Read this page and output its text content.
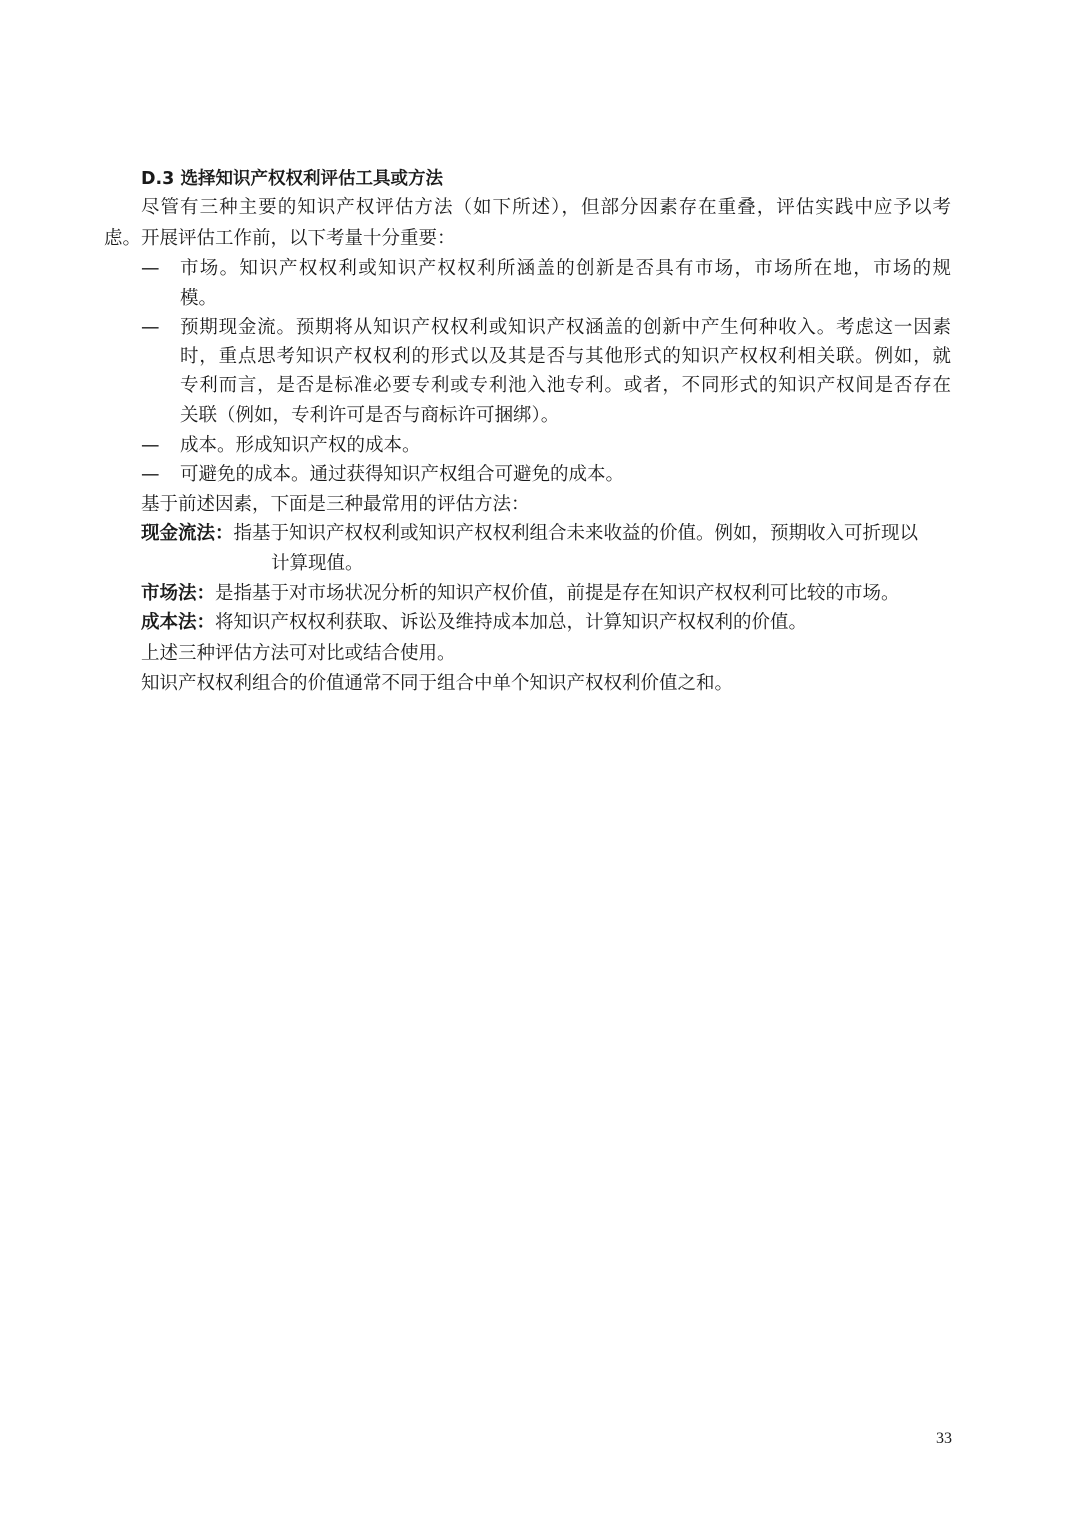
D.3 选择知识产权权利评估工具或方法
尽管有三种主要的知识产权评估方法（如下所述），但部分因素存在重叠，评估实践中应予以考
虑。开展评估工作前，以下考量十分重要：
— 市场。知识产权权利或知识产权权利所涵盖的创新是否具有市场，市场所在地，市场的规
模。
— 预期现金流。预期将从知识产权权利或知识产权涵盖的创新中产生何种收入。考虑这一因素
时，重点思考知识产权权利的形式以及其是否与其他形式的知识产权权利相关联。例如，就
专利而言，是否是标准必要专利或专利池入池专利。或者，不同形式的知识产权间是否存在
关联（例如，专利许可是否与商标许可捆绑）。
— 成本。形成知识产权的成本。
— 可避免的成本。通过获得知识产权组合可避免的成本。
基于前述因素，下面是三种最常用的评估方法：
现金流法：指基于知识产权权利或知识产权权利组合未来收益的价值。例如，预期收入可折现以
计算现值。
市场法：是指基于对市场状况分析的知识产权价值，前提是存在知识产权权利可比较的市场。
成本法：将知识产权权利获取、诉讼及维持成本加总，计算知识产权权利的价值。
上述三种评估方法可对比或结合使用。
知识产权权利组合的价值通常不同于组合中单个知识产权权利价值之和。
33
